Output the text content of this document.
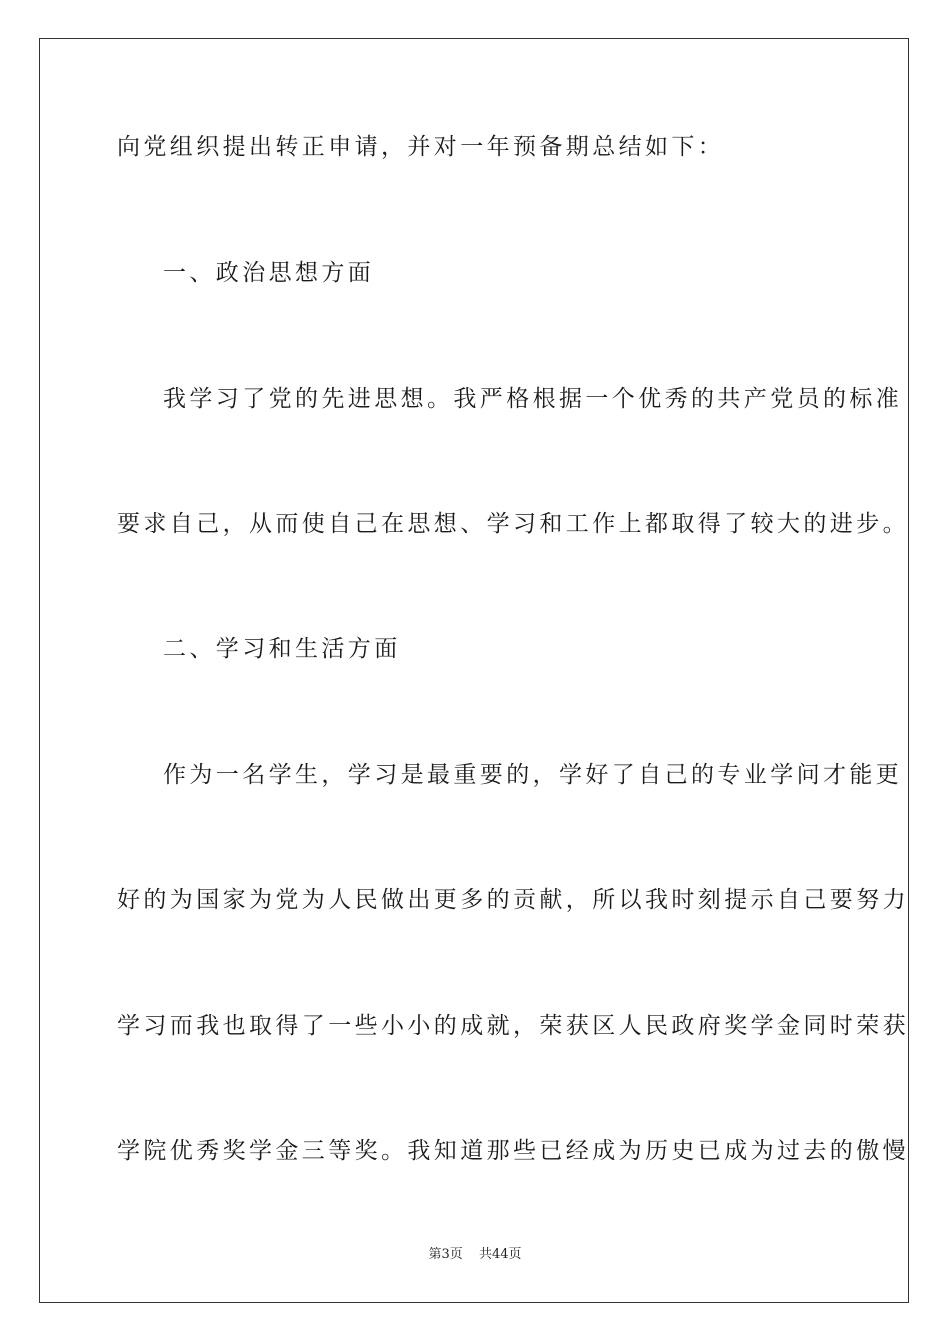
向党组织提出转正申请，并对一年预备期总结如下：
一、政治思想方面
我学习了党的先进思想。我严格根据一个优秀的共产党员的标准
要求自己，从而使自己在思想、学习和工作上都取得了较大的进步。
二、学习和生活方面
作为一名学生，学习是最重要的，学好了自己的专业学问才能更
好的为国家为党为人民做出更多的贡献，所以我时刻提示自己要努力
学习而我也取得了一些小小的成就，荣获区人民政府奖学金同时荣获
学院优秀奖学金三等奖。我知道那些已经成为历史已成为过去的傲慢
第3页 共44页
